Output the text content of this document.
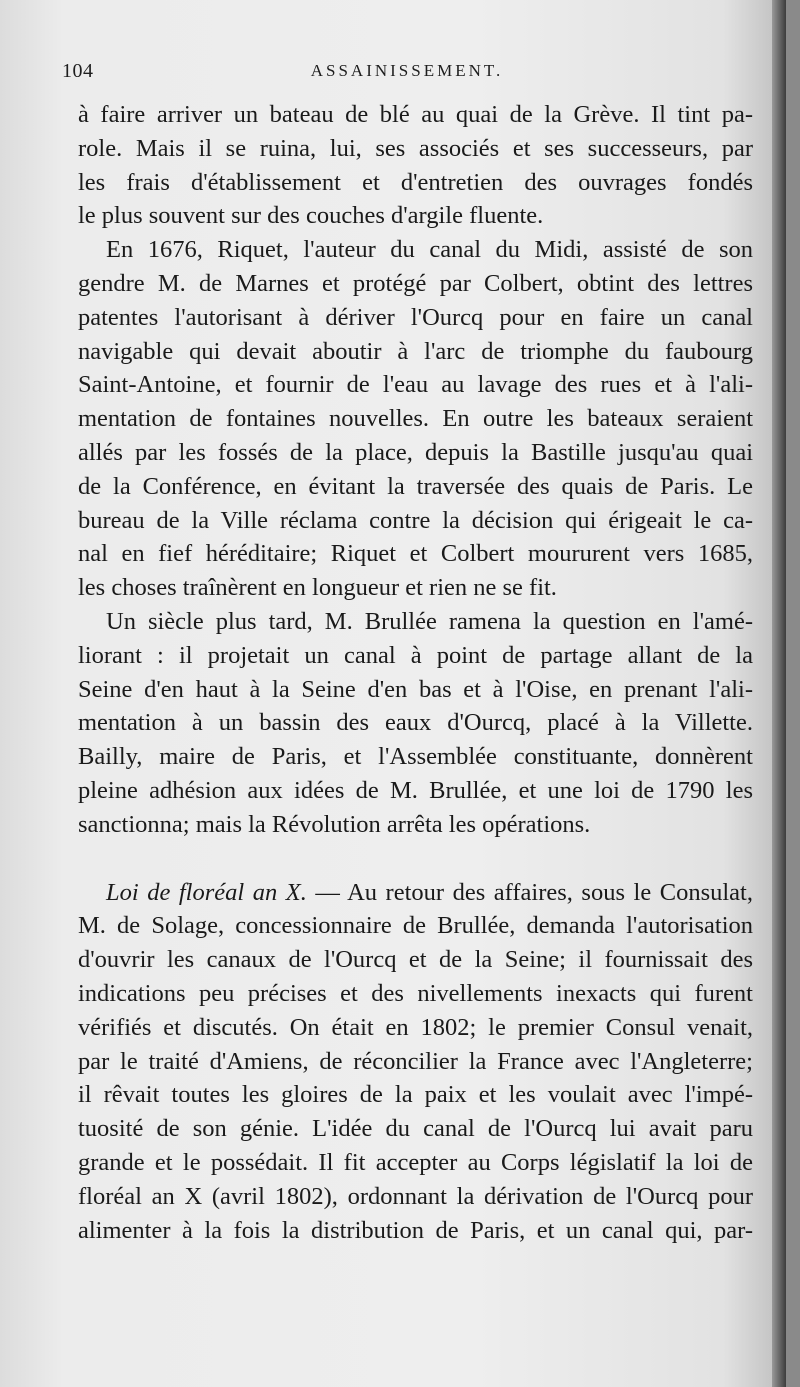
104	ASSAINISSEMENT.
à faire arriver un bateau de blé au quai de la Grève. Il tint pa-
role. Mais il se ruina, lui, ses associés et ses successeurs, par
les frais d'établissement et d'entretien des ouvrages fondés
le plus souvent sur des couches d'argile fluente.
En 1676, Riquet, l'auteur du canal du Midi, assisté de son
gendre M. de Marnes et protégé par Colbert, obtint des lettres
patentes l'autorisant à dériver l'Ourcq pour en faire un canal
navigable qui devait aboutir à l'arc de triomphe du faubourg
Saint-Antoine, et fournir de l'eau au lavage des rues et à l'ali-
mentation de fontaines nouvelles. En outre les bateaux seraient
allés par les fossés de la place, depuis la Bastille jusqu'au quai
de la Conférence, en évitant la traversée des quais de Paris. Le
bureau de la Ville réclama contre la décision qui érigeait le ca-
nal en fief héréditaire; Riquet et Colbert moururent vers 1685,
les choses traînèrent en longueur et rien ne se fit.
Un siècle plus tard, M. Brullée ramena la question en l'amé-
liorant : il projetait un canal à point de partage allant de la
Seine d'en haut à la Seine d'en bas et à l'Oise, en prenant l'ali-
mentation à un bassin des eaux d'Ourcq, placé à la Villette.
Bailly, maire de Paris, et l'Assemblée constituante, donnèrent
pleine adhésion aux idées de M. Brullée, et une loi de 1790 les
sanctionna; mais la Révolution arrêta les opérations.
Loi de floréal an X. — Au retour des affaires, sous le Consulat,
M. de Solage, concessionnaire de Brullée, demanda l'autorisation
d'ouvrir les canaux de l'Ourcq et de la Seine; il fournissait des
indications peu précises et des nivellements inexacts qui furent
vérifiés et discutés. On était en 1802; le premier Consul venait,
par le traité d'Amiens, de réconcilier la France avec l'Angleterre;
il rêvait toutes les gloires de la paix et les voulait avec l'impé-
tuosité de son génie. L'idée du canal de l'Ourcq lui avait paru
grande et le possédait. Il fit accepter au Corps législatif la loi de
floréal an X (avril 1802), ordonnant la dérivation de l'Ourcq pour
alimenter à la fois la distribution de Paris, et un canal qui, par-
